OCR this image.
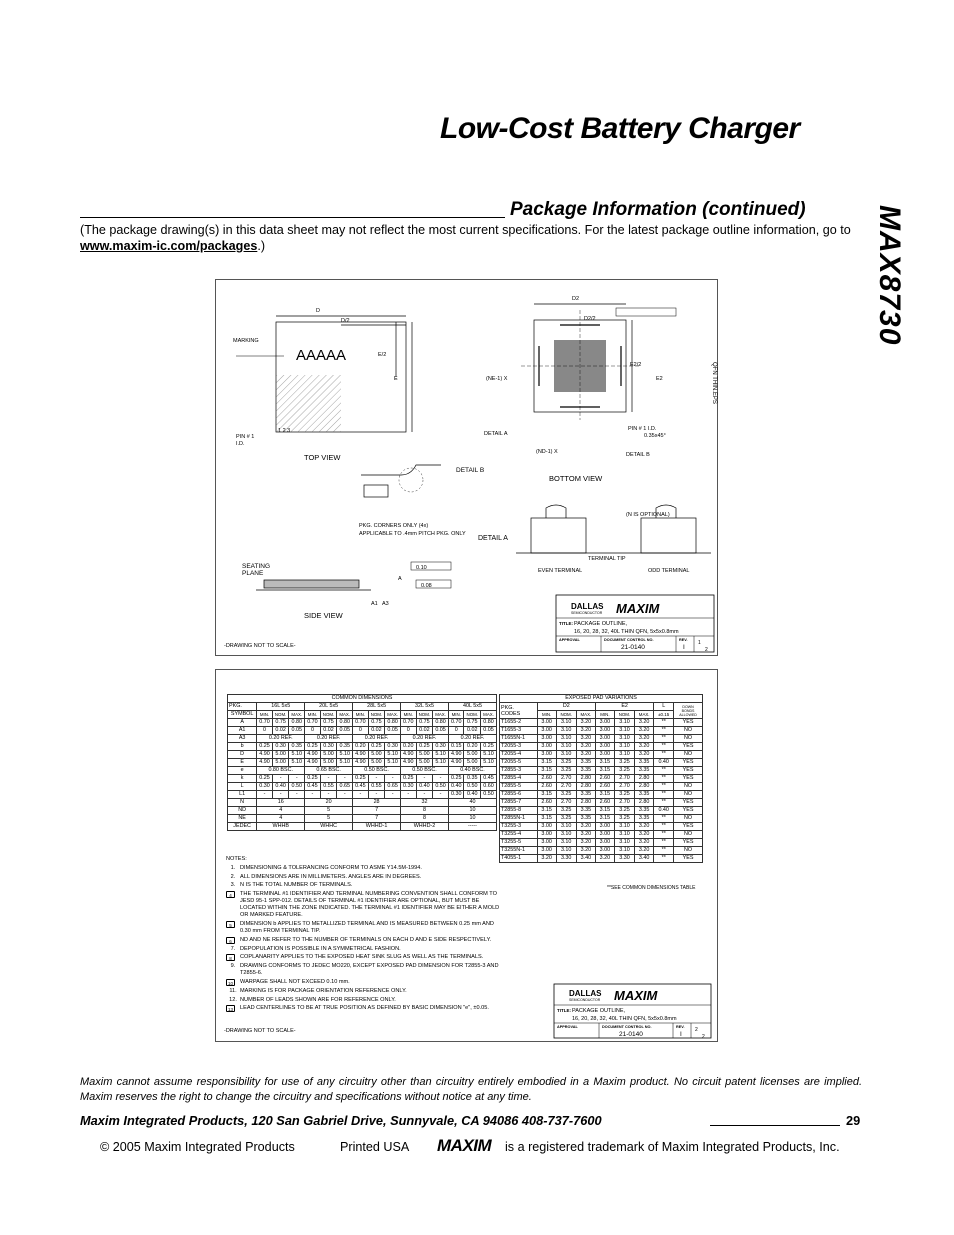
Low-Cost Battery Charger
MAX8730
Package Information (continued)
(The package drawing(s) in this data sheet may not reflect the most current specifications. For the latest package outline information, go to www.maxim-ic.com/packages.)
QFN THIN.EPS
AAAAA
MARKING
PIN # 1
I.D.
1 2 3
TOP VIEW
D
D/2
E/2
E
D2
D2/2
E2/2
E2
(NE-1) X
(ND-1) X
DETAIL A
DETAIL B
PIN # 1 I.D.
0.35x45°
BOTTOM VIEW
DETAIL B
PKG. CORNERS ONLY (4x)
APPLICABLE TO .4mm PITCH PKG. ONLY
DETAIL A
(N IS OPTIONAL)
TERMINAL TIP
EVEN TERMINAL	ODD TERMINAL
SEATING
PLANE
SIDE VIEW
0.10
0.08
A1 A3
A
-DRAWING NOT TO SCALE-
DALLAS
SEMICONDUCTOR MAXIM
TITLE: PACKAGE OUTLINE,
16, 20, 28, 32, 40L THIN QFN, 5x5x0.8mm
APPROVAL	DOCUMENT CONTROL NO.	REV.
21-0140	I
1
2
COMMON DIMENSIONS															
PKG.	16L 5x5			20L 5x5			28L 5x5			32L 5x5			40L 5x5		
SYMBOL	MIN.	NOM.	MAX.	MIN.	NOM.	MAX.	MIN.	NOM.	MAX.	MIN.	NOM.	MAX.	MIN.	NOM.	MAX.
A	0.70	0.75	0.80	0.70	0.75	0.80	0.70	0.75	0.80	0.70	0.75	0.80	0.70	0.75	0.80
A1	0	0.02	0.05	0	0.02	0.05	0	0.02	0.05	0	0.02	0.05	0	0.02	0.05
A3	0.20 REF.			0.20 REF.			0.20 REF.			0.20 REF.			0.20 REF.		
b	0.25	0.30	0.35	0.25	0.30	0.35	0.20	0.25	0.30	0.20	0.25	0.30	0.15	0.20	0.25
D	4.90	5.00	5.10	4.90	5.00	5.10	4.90	5.00	5.10	4.90	5.00	5.10	4.90	5.00	5.10
E	4.90	5.00	5.10	4.90	5.00	5.10	4.90	5.00	5.10	4.90	5.00	5.10	4.90	5.00	5.10
e	0.80 BSC.			0.65 BSC.			0.50 BSC.			0.50 BSC.			0.40 BSC.		
k	0.25	-	-	0.25	-	-	0.25	-	-	0.25	-	-	0.25	0.35	0.45
L	0.30	0.40	0.50	0.45	0.55	0.65	0.45	0.55	0.65	0.30	0.40	0.50	0.40	0.50	0.60
L1	-	-	-	-	-	-	-	-	-	-	-	-	0.30	0.40	0.50
N	16			20			28			32			40		
ND	4			5			7			8			10		
NE	4			5			7			8			10		
JEDEC	WHHB			WHHC			WHHD-1			WHHD-2			-----		
EXPOSED PAD VARIATIONS								
PKG.
CODES	D2			E2			L	DOWN
BONDS
ALLOWED
	MIN.	NOM.	MAX.	MIN.	NOM.	MAX.	±0.15	
T1655-2	3.00	3.10	3.20	3.00	3.10	3.20	**	YES
T1655-3	3.00	3.10	3.20	3.00	3.10	3.20	**	NO
T1655N-1	3.00	3.10	3.20	3.00	3.10	3.20	**	NO
T2055-3	3.00	3.10	3.20	3.00	3.10	3.20	**	YES
T2055-4	3.00	3.10	3.20	3.00	3.10	3.20	**	NO
T2055-5	3.15	3.25	3.35	3.15	3.25	3.35	0.40	YES
T2855-3	3.15	3.25	3.35	3.15	3.25	3.35	**	YES
T2855-4	2.60	2.70	2.80	2.60	2.70	2.80	**	YES
T2855-5	2.60	2.70	2.80	2.60	2.70	2.80	**	NO
T2855-6	3.15	3.25	3.35	3.15	3.25	3.35	**	NO
T2855-7	2.60	2.70	2.80	2.60	2.70	2.80	**	YES
T2855-8	3.15	3.25	3.35	3.15	3.25	3.35	0.40	YES
T2855N-1	3.15	3.25	3.35	3.15	3.25	3.35	**	NO
T3255-3	3.00	3.10	3.20	3.00	3.10	3.20	**	YES
T3255-4	3.00	3.10	3.20	3.00	3.10	3.20	**	NO
T3255-5	3.00	3.10	3.20	3.00	3.10	3.20	**	YES
T3255N-1	3.00	3.10	3.20	3.00	3.10	3.20	**	NO
T4055-1	3.20	3.30	3.40	3.20	3.30	3.40	**	YES
**SEE COMMON DIMENSIONS TABLE
NOTES:
1. DIMENSIONING & TOLERANCING CONFORM TO ASME Y14.5M-1994.
2. ALL DIMENSIONS ARE IN MILLIMETERS. ANGLES ARE IN DEGREES.
3. N IS THE TOTAL NUMBER OF TERMINALS.
4	THE TERMINAL #1 IDENTIFIER AND TERMINAL NUMBERING CONVENTION SHALL CONFORM TO JESD 95-1 SPP-012. DETAILS OF TERMINAL #1 IDENTIFIER ARE OPTIONAL, BUT MUST BE LOCATED WITHIN THE ZONE INDICATED. THE TERMINAL #1 IDENTIFIER MAY BE EITHER A MOLD OR MARKED FEATURE.
5	DIMENSION b APPLIES TO METALLIZED TERMINAL AND IS MEASURED BETWEEN 0.25 mm AND 0.30 mm FROM TERMINAL TIP.
6	ND AND NE REFER TO THE NUMBER OF TERMINALS ON EACH D AND E SIDE RESPECTIVELY.
7. DEPOPULATION IS POSSIBLE IN A SYMMETRICAL FASHION.
8	COPLANARITY APPLIES TO THE EXPOSED HEAT SINK SLUG AS WELL AS THE TERMINALS.
9. DRAWING CONFORMS TO JEDEC MO220, EXCEPT EXPOSED PAD DIMENSION FOR T2855-3 AND T2855-6.
10	WARPAGE SHALL NOT EXCEED 0.10 mm.
11. MARKING IS FOR PACKAGE ORIENTATION REFERENCE ONLY.
12. NUMBER OF LEADS SHOWN ARE FOR REFERENCE ONLY.
13	LEAD CENTERLINES TO BE AT TRUE POSITION AS DEFINED BY BASIC DIMENSION "e", ±0.05.
-DRAWING NOT TO SCALE-
DALLAS
SEMICONDUCTOR MAXIM
TITLE: PACKAGE OUTLINE,
16, 20, 28, 32, 40L THIN QFN, 5x5x0.8mm
APPROVAL	DOCUMENT CONTROL NO.	REV.
21-0140	I
2
2
Maxim cannot assume responsibility for use of any circuitry other than circuitry entirely embodied in a Maxim product. No circuit patent licenses are implied. Maxim reserves the right to change the circuitry and specifications without notice at any time.
Maxim Integrated Products, 120 San Gabriel Drive, Sunnyvale, CA 94086 408-737-7600	29
© 2005 Maxim Integrated Products	Printed USA MAXIM is a registered trademark of Maxim Integrated Products, Inc.
